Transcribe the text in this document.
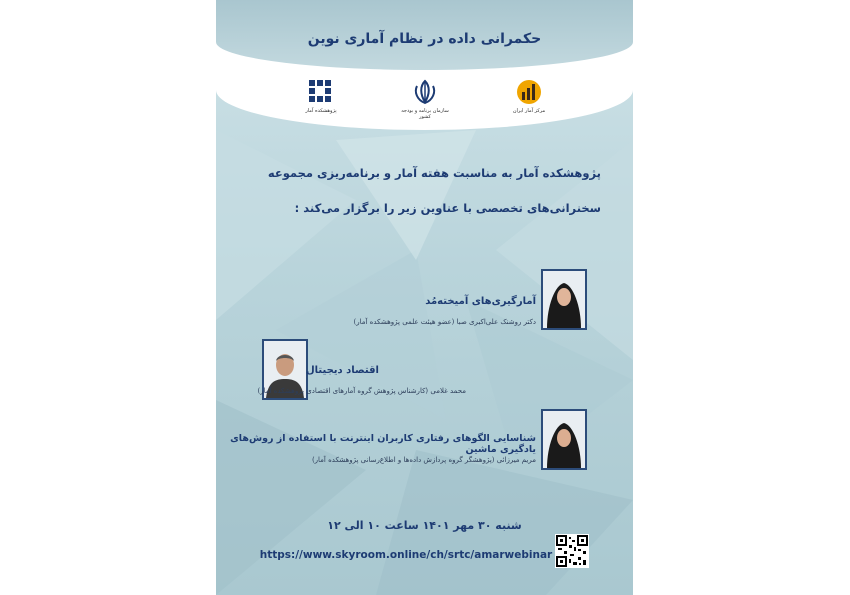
حکمرانی داده در نظام آماری نوین
پژوهشکده آمار	سازمان برنامه و بودجه کشور
مرکز آمار ایران
پژوهشکده آمار به مناسبت هفته آمار و برنامه‌ریزی مجموعه
سخنرانی‌های تخصصی با عناوین زیر را برگزار می‌کند :
آمارگیری‌های آمیخته‌مُد
دکتر روشنک علی‌اکبری صبا (عضو هیئت علمی پژوهشکده آمار)
اقتصاد دیجیتال
محمد غلامی (کارشناس پژوهش گروه آمارهای اقتصادی پژوهشکده آمار)
شناسایی الگوهای رفتاری کاربران اینترنت با استفاده از روش‌های یادگیری ماشین
مریم میرزائی (پژوهشگر گروه پردازش داده‌ها و اطلاع‌رسانی پژوهشکده آمار)
شنبه ۳۰ مهر ۱۴۰۱ ساعت ۱۰ الی ۱۲
https://www.skyroom.online/ch/srtc/amarwebinar
